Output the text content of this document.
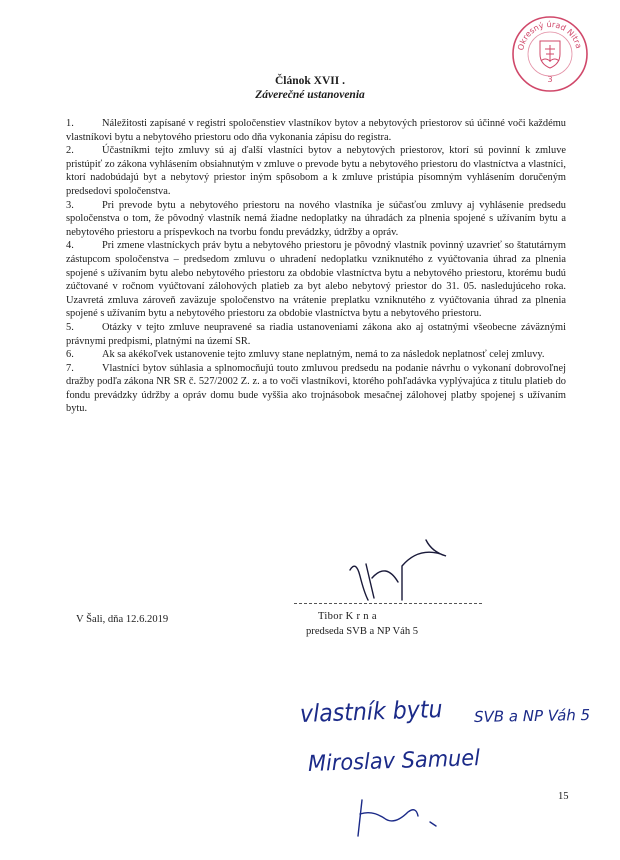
Okresný úrad Nitra
3
Článok XVII .
Záverečné ustanovenia

1.	Náležitosti zapísané v registri spoločenstiev vlastníkov bytov a nebytových priestorov sú účinné voči každému vlastníkovi bytu a nebytového priestoru odo dňa vykonania zápisu do registra.

2.	Účastníkmi tejto zmluvy sú aj ďalší vlastníci bytov a nebytových priestorov, ktorí sú povinní k zmluve pristúpiť zo zákona vyhlásením obsiahnutým v zmluve o prevode bytu a nebytového priestoru do vlastníctva a vlastníci, ktorí nadobúdajú byt a nebytový priestor iným spôsobom a k zmluve pristúpia písomným vyhlásením doručeným predsedovi spoločenstva.

3.	Pri prevode bytu a nebytového priestoru na nového vlastníka je súčasťou zmluvy aj vyhlásenie predsedu spoločenstva o tom, že pôvodný vlastník nemá žiadne nedoplatky na úhradách za plnenia spojené s užívaním bytu a nebytového priestoru a príspevkoch na tvorbu fondu prevádzky, údržby a opráv.

4.	Pri zmene vlastníckych práv bytu a nebytového priestoru je pôvodný vlastník povinný uzavrieť so štatutárnym zástupcom spoločenstva – predsedom zmluvu o uhradení nedoplatku vzniknutého z vyúčtovania úhrad za plnenia spojené s užívaním bytu alebo nebytového priestoru za obdobie vlastníctva bytu a nebytového priestoru, ktorému budú zúčtované v ročnom vyúčtovaní zálohových platieb za byt alebo nebytový priestor do 31. 05. nasledujúceho roka. Uzavretá zmluva zároveň zaväzuje spoločenstvo na vrátenie preplatku vzniknutého z vyúčtovania úhrad za plnenia spojené s užívaním bytu a nebytového priestoru za obdobie vlastníctva bytu a nebytového priestoru.

5.	Otázky v tejto zmluve neupravené sa riadia ustanoveniami zákona ako aj ostatnými všeobecne záväznými právnymi predpismi, platnými na území SR.

6.	Ak sa akékoľvek ustanovenie tejto zmluvy stane neplatným, nemá to za následok neplatnosť celej zmluvy.

7.	Vlastníci bytov súhlasia a splnomocňujú touto zmluvou predsedu na podanie návrhu o vykonaní dobrovoľnej dražby podľa zákona NR SR č. 527/2002 Z. z. a to voči vlastníkovi, ktorého pohľadávka vyplývajúca z titulu platieb do fondu prevádzky údržby a opráv domu bude vyššia ako trojnásobok mesačnej zálohovej platby spojenej s užívaním bytu.

V Šali, dňa 12.6.2019	Tibor K r n a
predseda SVB a NP Váh 5
vlastník bytu SVB a NP Váh 5
Miroslav Samuel
15
